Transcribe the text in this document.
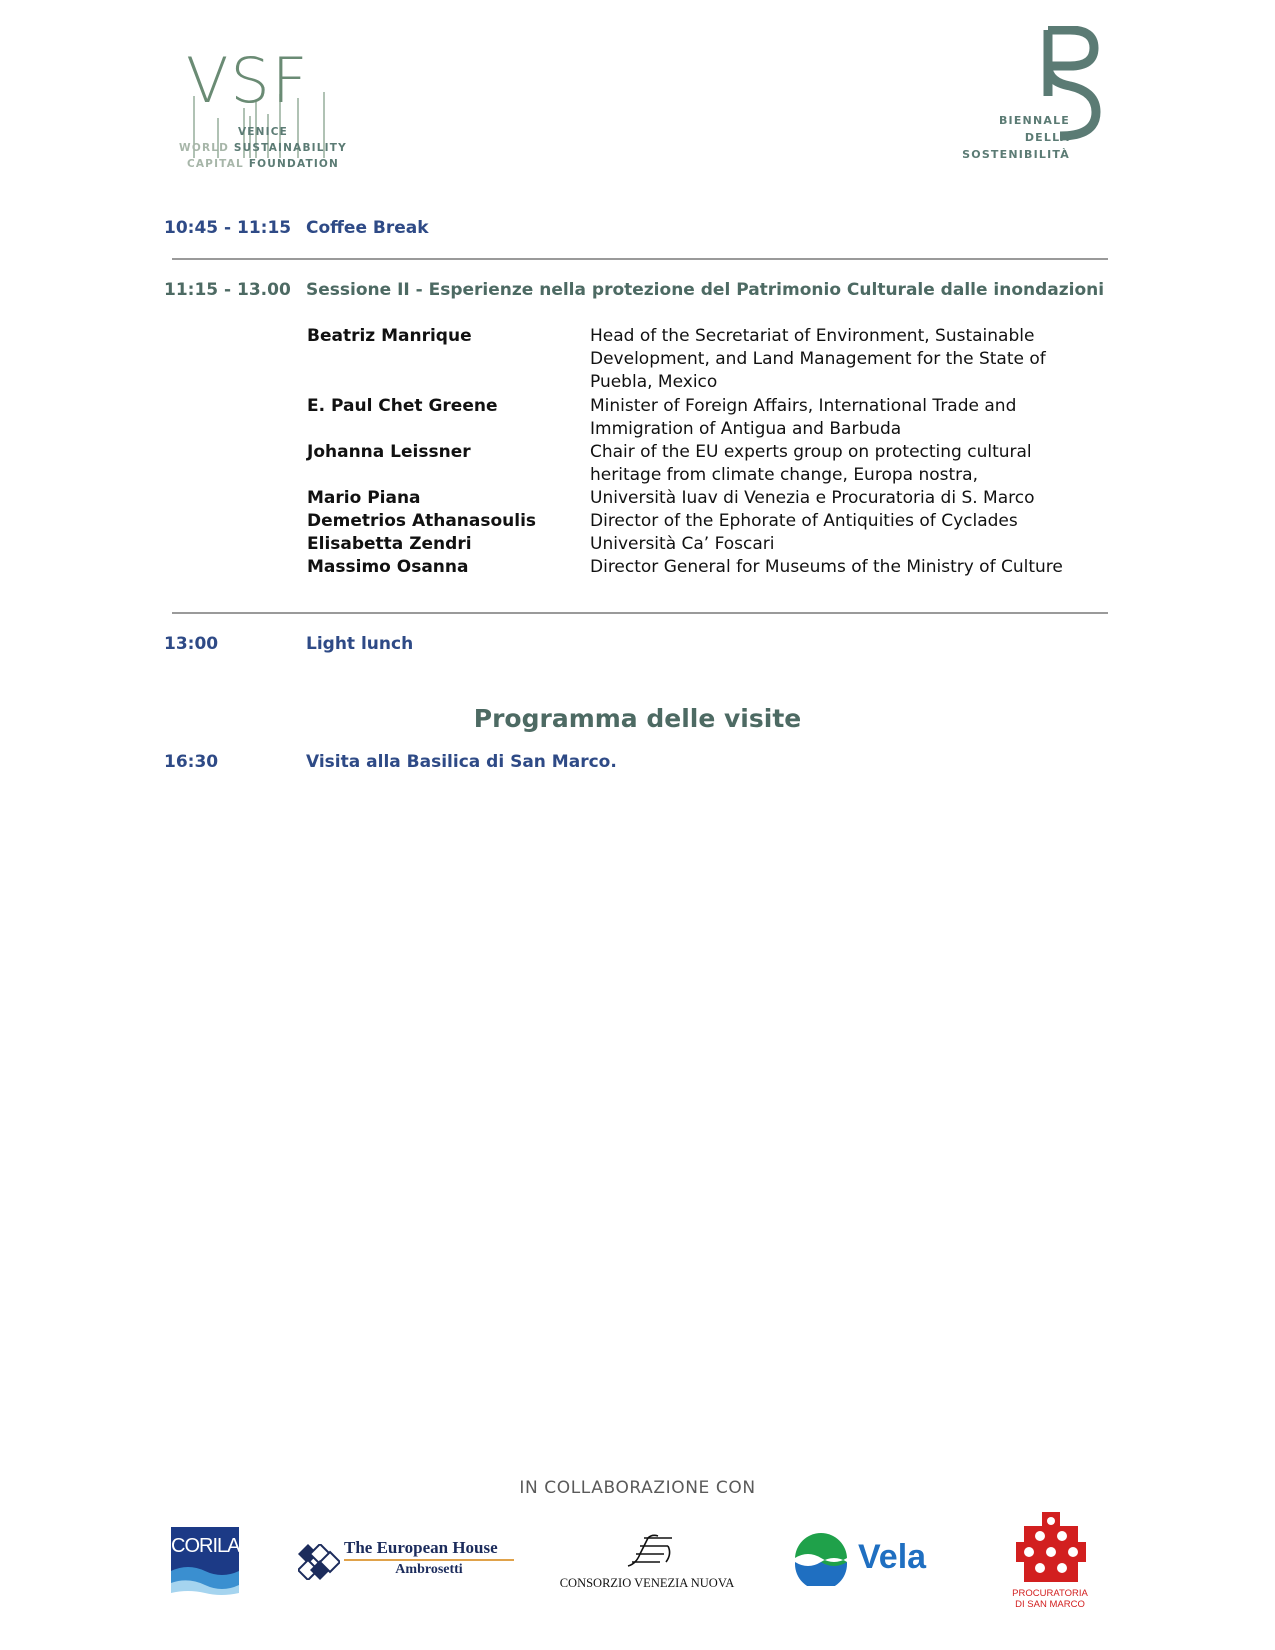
VSF
VENICE
WORLD SUSTAINABILITY
CAPITAL FOUNDATION
BIENNALE
DELLA
SOSTENIBILITÀ
10:45 - 11:15 Coffee Break
11:15 - 13.00 Sessione II - Esperienze nella protezione del Patrimonio Culturale dalle inondazioni
Beatriz Manrique	Head of the Secretariat of Environment, Sustainable
Development, and Land Management for the State of
Puebla, Mexico
E. Paul Chet Greene	Minister of Foreign Affairs, International Trade and
Immigration of Antigua and Barbuda
Johanna Leissner	Chair of the EU experts group on protecting cultural
heritage from climate change, Europa nostra,
Mario Piana	Università Iuav di Venezia e Procuratoria di S. Marco
Demetrios Athanasoulis	Director of the Ephorate of Antiquities of Cyclades
Elisabetta Zendri	Università Ca’ Foscari
Massimo Osanna	Director General for Museums of the Ministry of Culture
13:00	Light lunch
Programma delle visite
16:30	Visita alla Basilica di San Marco.
IN COLLABORAZIONE CON
CORILA	The European House
Ambrosetti
CONSORZIO VENEZIA NUOVA
Vela
PROCURATORIA
DI SAN MARCO
